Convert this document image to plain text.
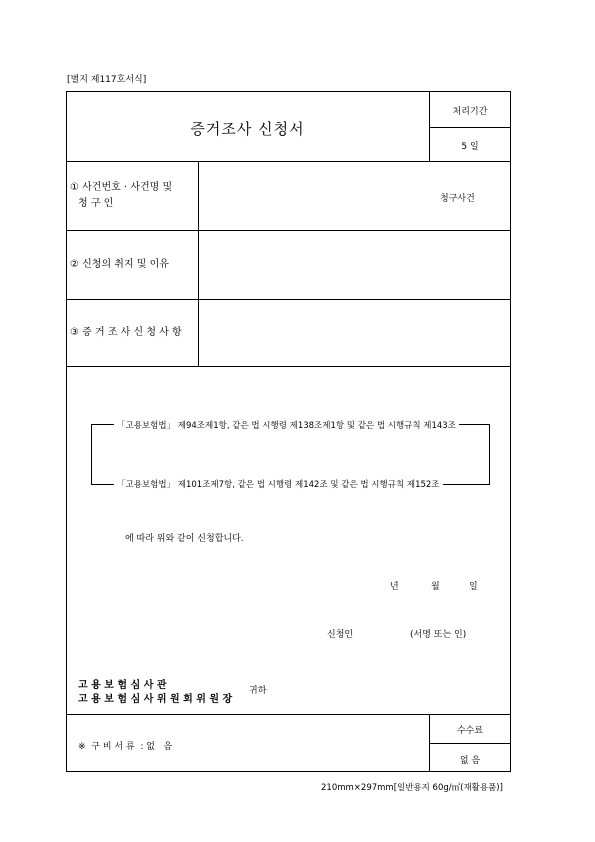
[별지 제117호서식]
증거조사 신청서
처리기간
5 일
① 사건번호 · 사건명 및
청 구 인	청구사건
② 신청의 취지 및 이유
③ 증 거 조 사 신 청 사 항
「고용보험법」 제94조제1항, 같은 법 시행령 제138조제1항 및 같은 법 시행규칙 제143조
「고용보험법」 제101조제7항, 같은 법 시행령 제142조 및 같은 법 시행규칙 제152조
에 따라 위와 같이 신청합니다.
년	월	일
신청인	(서명 또는 인)
고 용 보 험 심 사 관
고 용 보 험 심 사 위 원 회 위 원 장
귀하
※  구 비 서 류  : 없   음
수수료
없 음
210mm×297mm[일반용지 60g/㎡(재활용품)]
